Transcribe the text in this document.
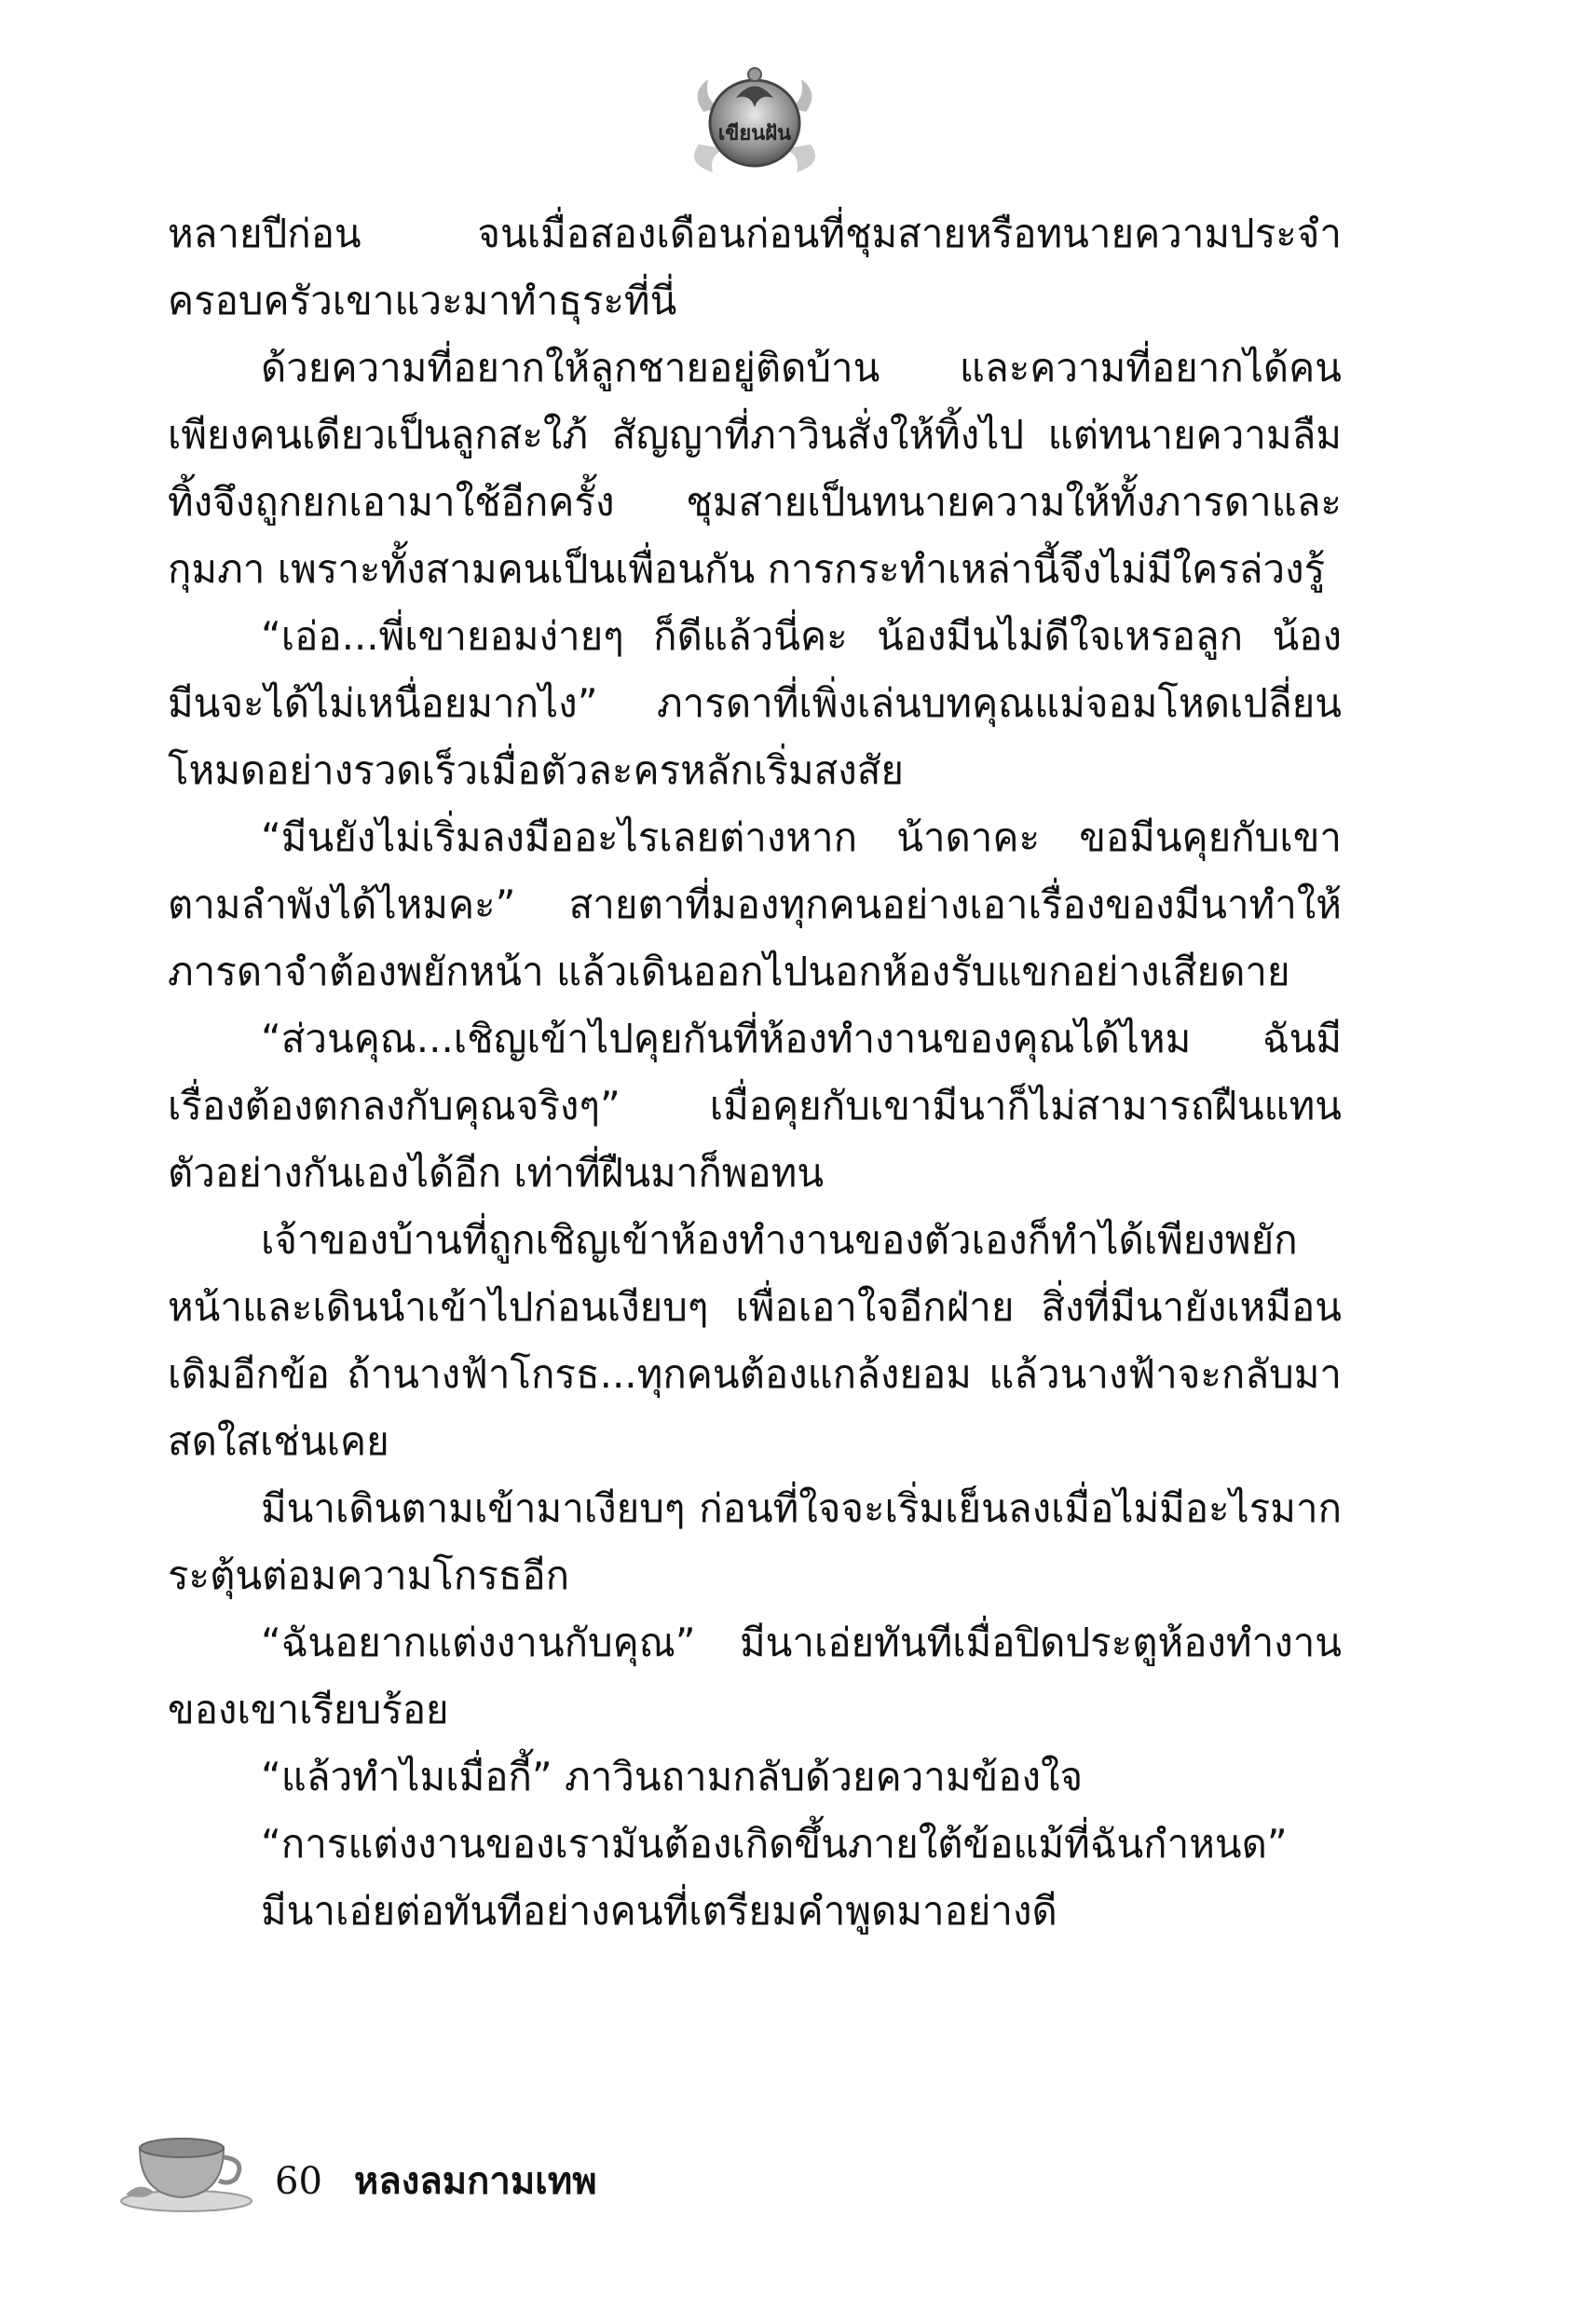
เขียนฝัน

หลายปีก่อน จนเมื่อสองเดือนก่อนที่ชุมสายหรือทนายความประจำครอบครัวเขาแวะมาทำธุระที่นี่

ด้วยความที่อยากให้ลูกชายอยู่ติดบ้าน และความที่อยากได้คนเพียงคนเดียวเป็นลูกสะใภ้ สัญญาที่ภาวินสั่งให้ทิ้งไป แต่ทนายความลืมทิ้งจึงถูกยกเอามาใช้อีกครั้ง ชุมสายเป็นทนายความให้ทั้งภารดาและกุมภา เพราะทั้งสามคนเป็นเพื่อนกัน การกระทำเหล่านี้จึงไม่มีใครล่วงรู้

“เอ่อ...พี่เขายอมง่ายๆ ก็ดีแล้วนี่คะ น้องมีนไม่ดีใจเหรอลูก น้องมีนจะได้ไม่เหนื่อยมากไง” ภารดาที่เพิ่งเล่นบทคุณแม่จอมโหดเปลี่ยนโหมดอย่างรวดเร็วเมื่อตัวละครหลักเริ่มสงสัย

“มีนยังไม่เริ่มลงมืออะไรเลยต่างหาก น้าดาคะ ขอมีนคุยกับเขาตามลำพังได้ไหมคะ” สายตาที่มองทุกคนอย่างเอาเรื่องของมีนาทำให้ภารดาจำต้องพยักหน้า แล้วเดินออกไปนอกห้องรับแขกอย่างเสียดาย

“ส่วนคุณ...เชิญเข้าไปคุยกันที่ห้องทำงานของคุณได้ไหม ฉันมีเรื่องต้องตกลงกับคุณจริงๆ” เมื่อคุยกับเขามีนาก็ไม่สามารถฝืนแทนตัวอย่างกันเองได้อีก เท่าที่ฝืนมาก็พอทน

เจ้าของบ้านที่ถูกเชิญเข้าห้องทำงานของตัวเองก็ทำได้เพียงพยักหน้าและเดินนำเข้าไปก่อนเงียบๆ เพื่อเอาใจอีกฝ่าย สิ่งที่มีนายังเหมือนเดิมอีกข้อ ถ้านางฟ้าโกรธ...ทุกคนต้องแกล้งยอม แล้วนางฟ้าจะกลับมาสดใสเช่นเคย

มีนาเดินตามเข้ามาเงียบๆ ก่อนที่ใจจะเริ่มเย็นลงเมื่อไม่มีอะไรมากระตุ้นต่อมความโกรธอีก

“ฉันอยากแต่งงานกับคุณ” มีนาเอ่ยทันทีเมื่อปิดประตูห้องทำงานของเขาเรียบร้อย

“แล้วทำไมเมื่อกี้” ภาวินถามกลับด้วยความข้องใจ

“การแต่งงานของเรามันต้องเกิดขึ้นภายใต้ข้อแม้ที่ฉันกำหนด”

มีนาเอ่ยต่อทันทีอย่างคนที่เตรียมคำพูดมาอย่างดี

60 หลงลมกามเทพ
